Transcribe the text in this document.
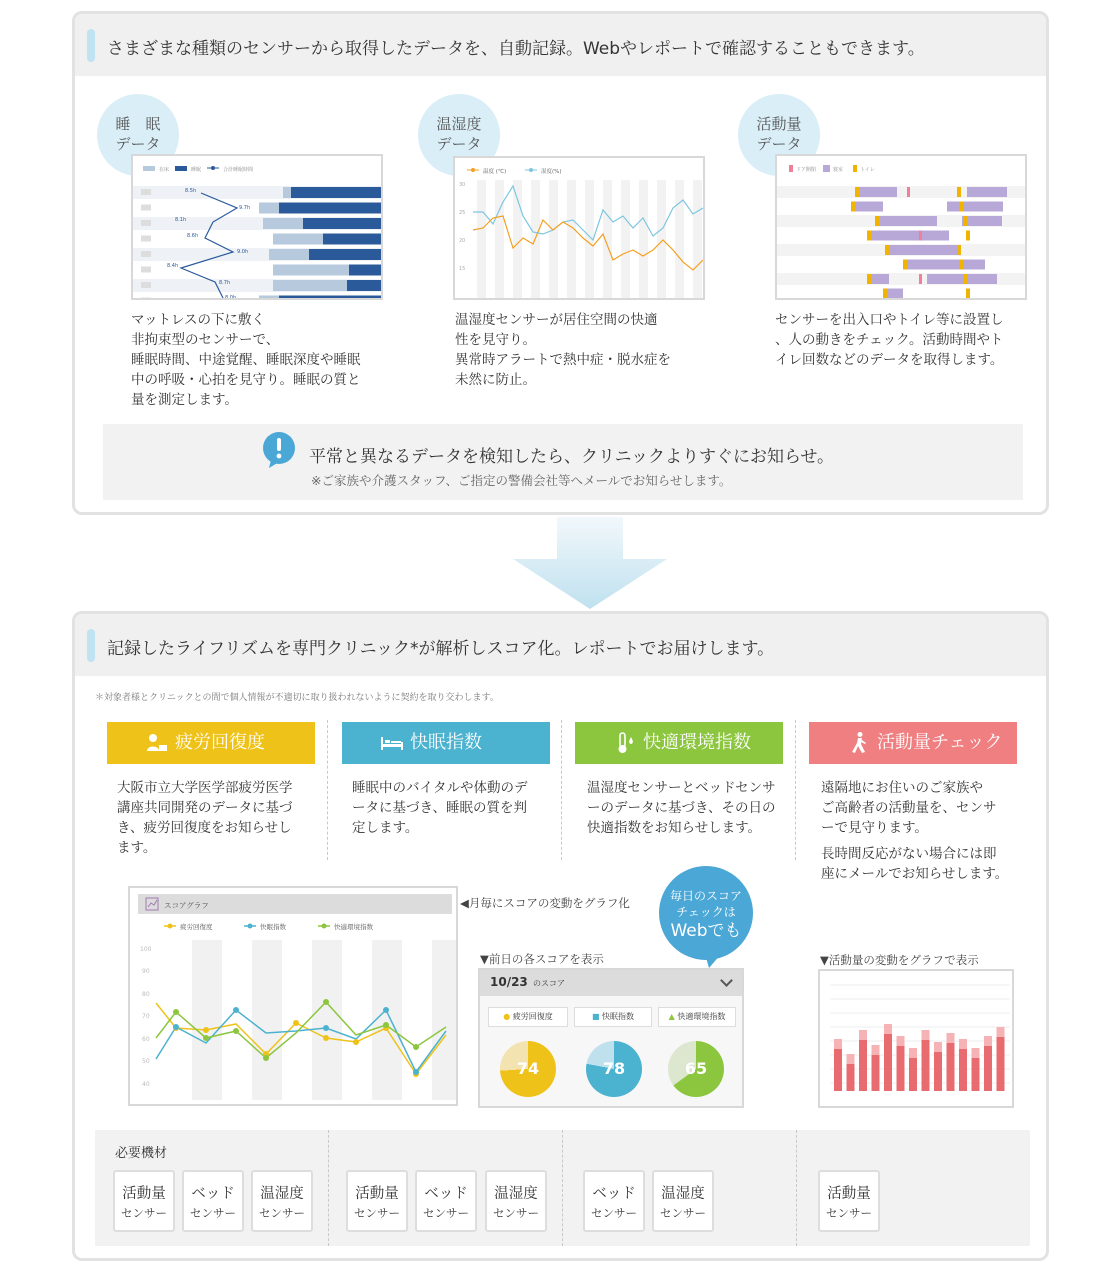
さまざまな種類のセンサーから取得したデータを、自動記録。Webやレポートで確認することもできます。
睡　眠
データ
在床	睡眠	合計睡眠時間
8.5h
9.7h
8.1h
8.6h
9.0h
8.4h
8.7h
8.0h
マットレスの下に敷く
非拘束型のセンサーで、
睡眠時間、中途覚醒、睡眠深度や睡眠
中の呼吸・心拍を見守り。睡眠の質と
量を測定します。
温湿度
データ
温度 (℃)	湿度(%)
30
25
20
15
温湿度センサーが居住空間の快適
性を見守り。
異常時アラートで熱中症・脱水症を
未然に防止。
活動量
データ
ドア開閉	寝室	トイレ
センサーを出入口やトイレ等に設置し
、人の動きをチェック。活動時間やト
イレ回数などのデータを取得します。
平常と異なるデータを検知したら、クリニックよりすぐにお知らせ。
※ご家族や介護スタッフ、ご指定の警備会社等へメールでお知らせします。
記録したライフリズムを専門クリニック*が解析しスコア化。レポートでお届けします。
＊対象者様とクリニックとの間で個人情報が不適切に取り扱われないように契約を取り交わします。
疲労回復度	快眠指数	快適環境指数	活動量チェック
大阪市立大学医学部疲労医学
講座共同開発のデータに基づ
き、疲労回復度をお知らせし
ます。
睡眠中のバイタルや体動のデ
ータに基づき、睡眠の質を判
定します。
温湿度センサーとベッドセンサ
ーのデータに基づき、その日の
快適指数をお知らせします。
遠隔地にお住いのご家族や
ご高齢者の活動量を、センサ
ーで見守ります。
長時間反応がない場合には即
座にメールでお知らせします。
スコアグラフ
疲労回復度	快眠指数	快適環境指数
100
90
80
70
60
50
40
◀月毎にスコアの変動をグラフ化
▼前日の各スコアを表示
10/23 のスコア
● 疲労回復度	■ 快眠指数	▲ 快適環境指数
74	78	65
毎日のスコア
チェックは
Webでも
▼活動量の変動をグラフで表示
必要機材
活動量
センサー
ベッド
センサー
温湿度
センサー
活動量
センサー
ベッド
センサー
温湿度
センサー
ベッド
センサー
温湿度
センサー
活動量
センサー
